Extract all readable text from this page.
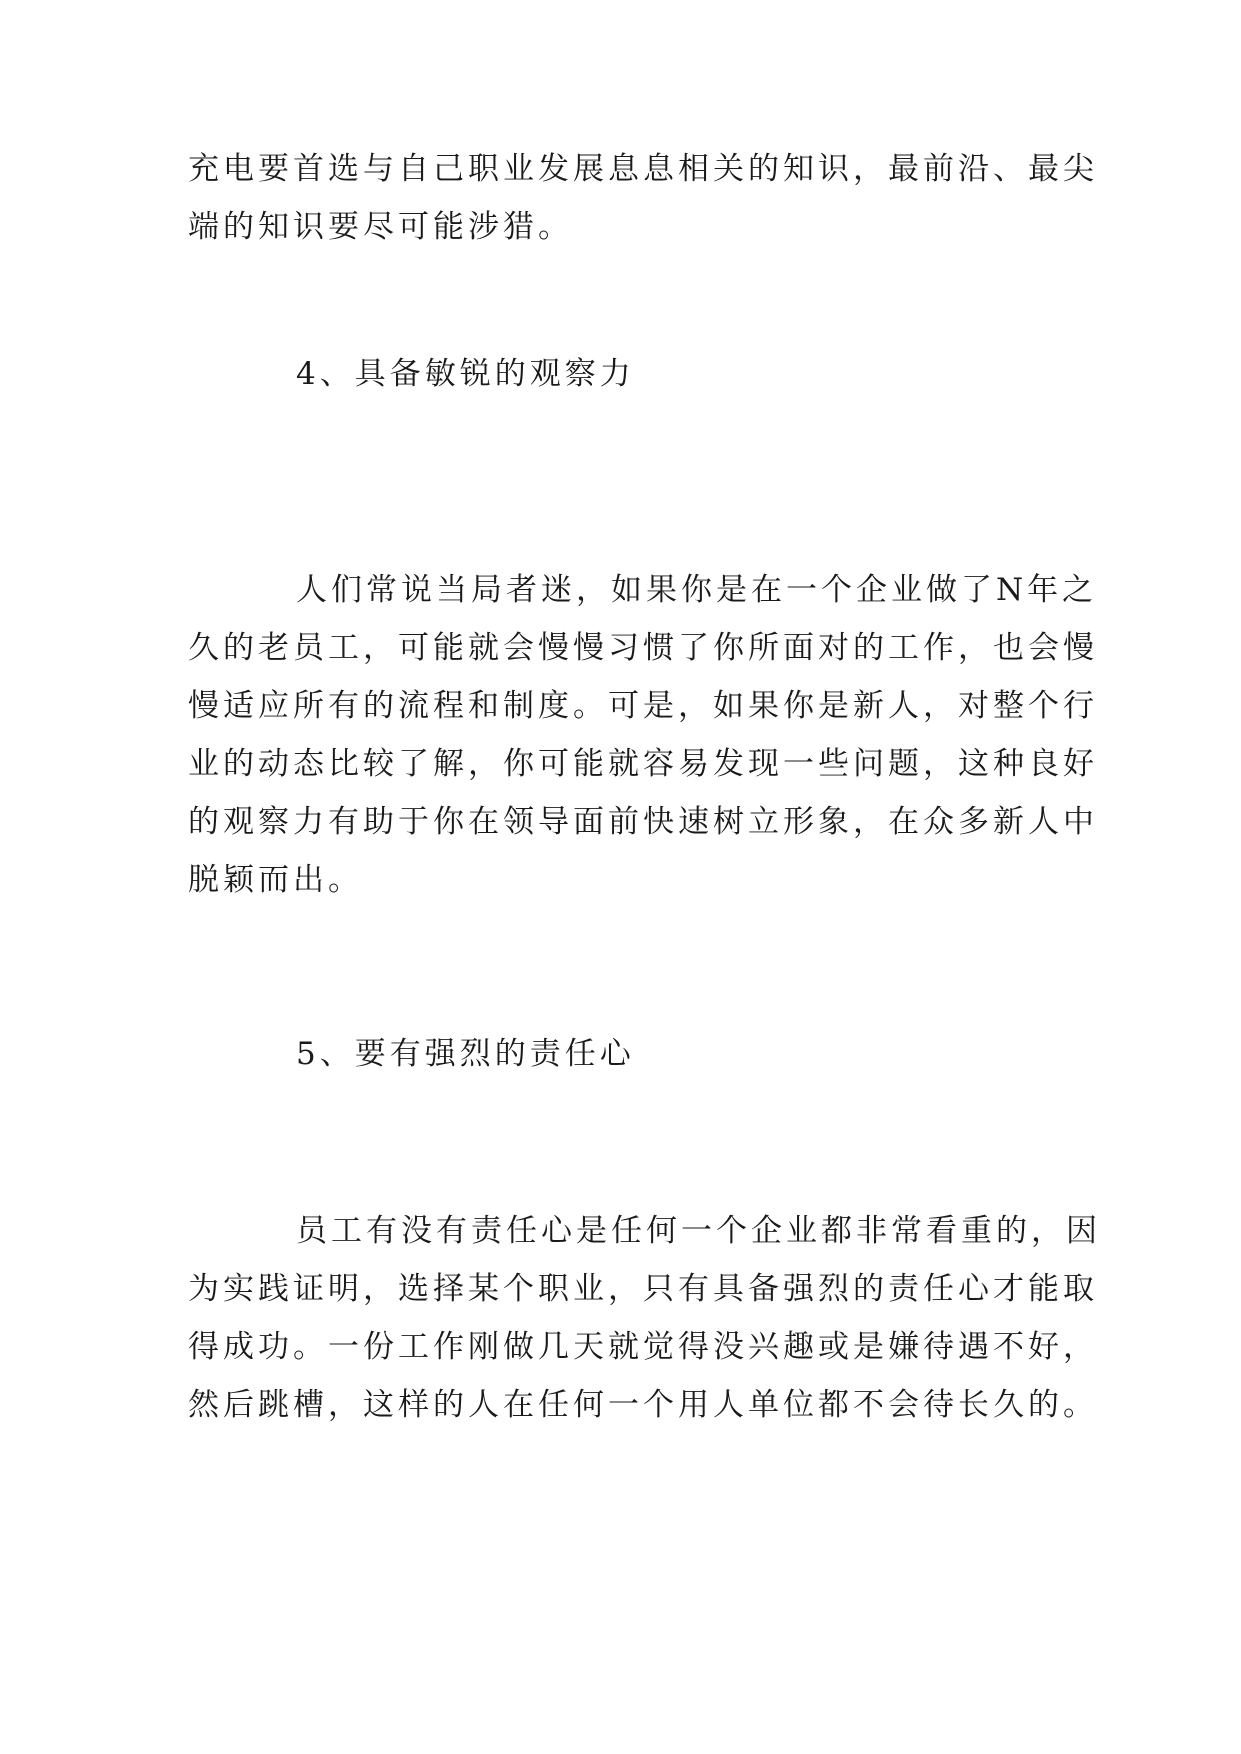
充电要首选与自己职业发展息息相关的知识，最前沿、最尖
端的知识要尽可能涉猎。
4、具备敏锐的观察力
人们常说当局者迷，如果你是在一个企业做了N年之
久的老员工，可能就会慢慢习惯了你所面对的工作，也会慢
慢适应所有的流程和制度。可是，如果你是新人，对整个行
业的动态比较了解，你可能就容易发现一些问题，这种良好
的观察力有助于你在领导面前快速树立形象，在众多新人中
脱颖而出。
5、要有强烈的责任心
员工有没有责任心是任何一个企业都非常看重的，因
为实践证明，选择某个职业，只有具备强烈的责任心才能取
得成功。一份工作刚做几天就觉得没兴趣或是嫌待遇不好，
然后跳槽，这样的人在任何一个用人单位都不会待长久的。
